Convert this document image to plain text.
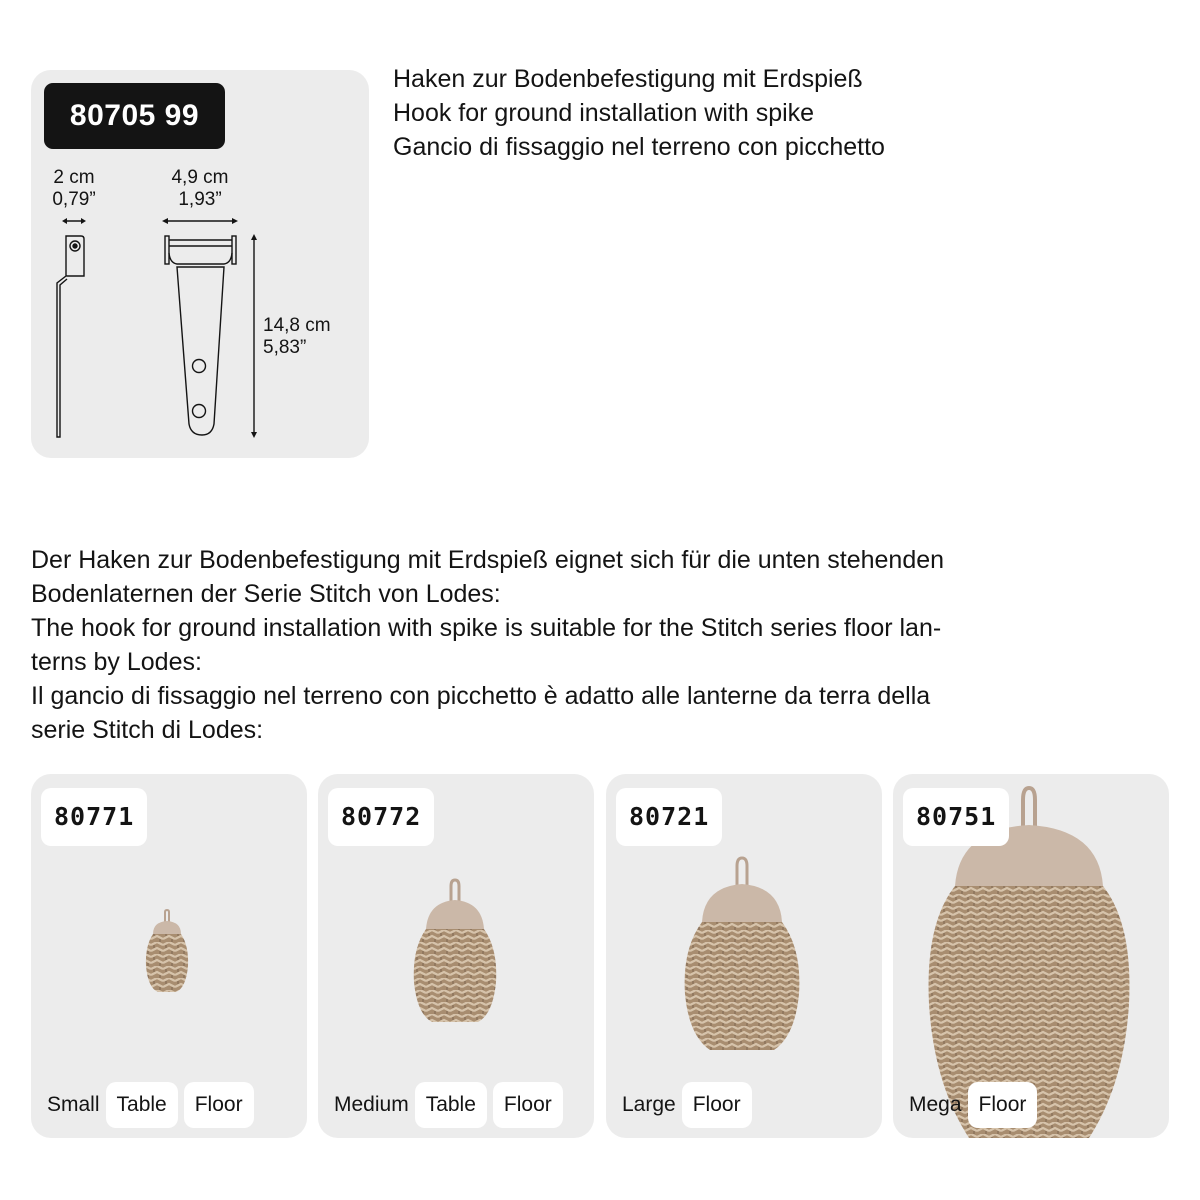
80705 99
2 cm
0,79”
4,9 cm
1,93”
14,8 cm
5,83”
Haken zur Bodenbefestigung mit Erdspieß
Hook for ground installation with spike
Gancio di fissaggio nel terreno con picchetto
Der Haken zur Bodenbefestigung mit Erdspieß eignet sich für die unten stehenden
Bodenlaternen der Serie Stitch von Lodes:
The hook for ground installation with spike is suitable for the Stitch series floor lan-
terns by Lodes:
Il gancio di fissaggio nel terreno con picchetto è adatto alle lanterne da terra della
serie Stitch di Lodes:
80771
Small Table	Floor
80772
Medium Table	Floor
80721
Large Floor
80751
Mega Floor
